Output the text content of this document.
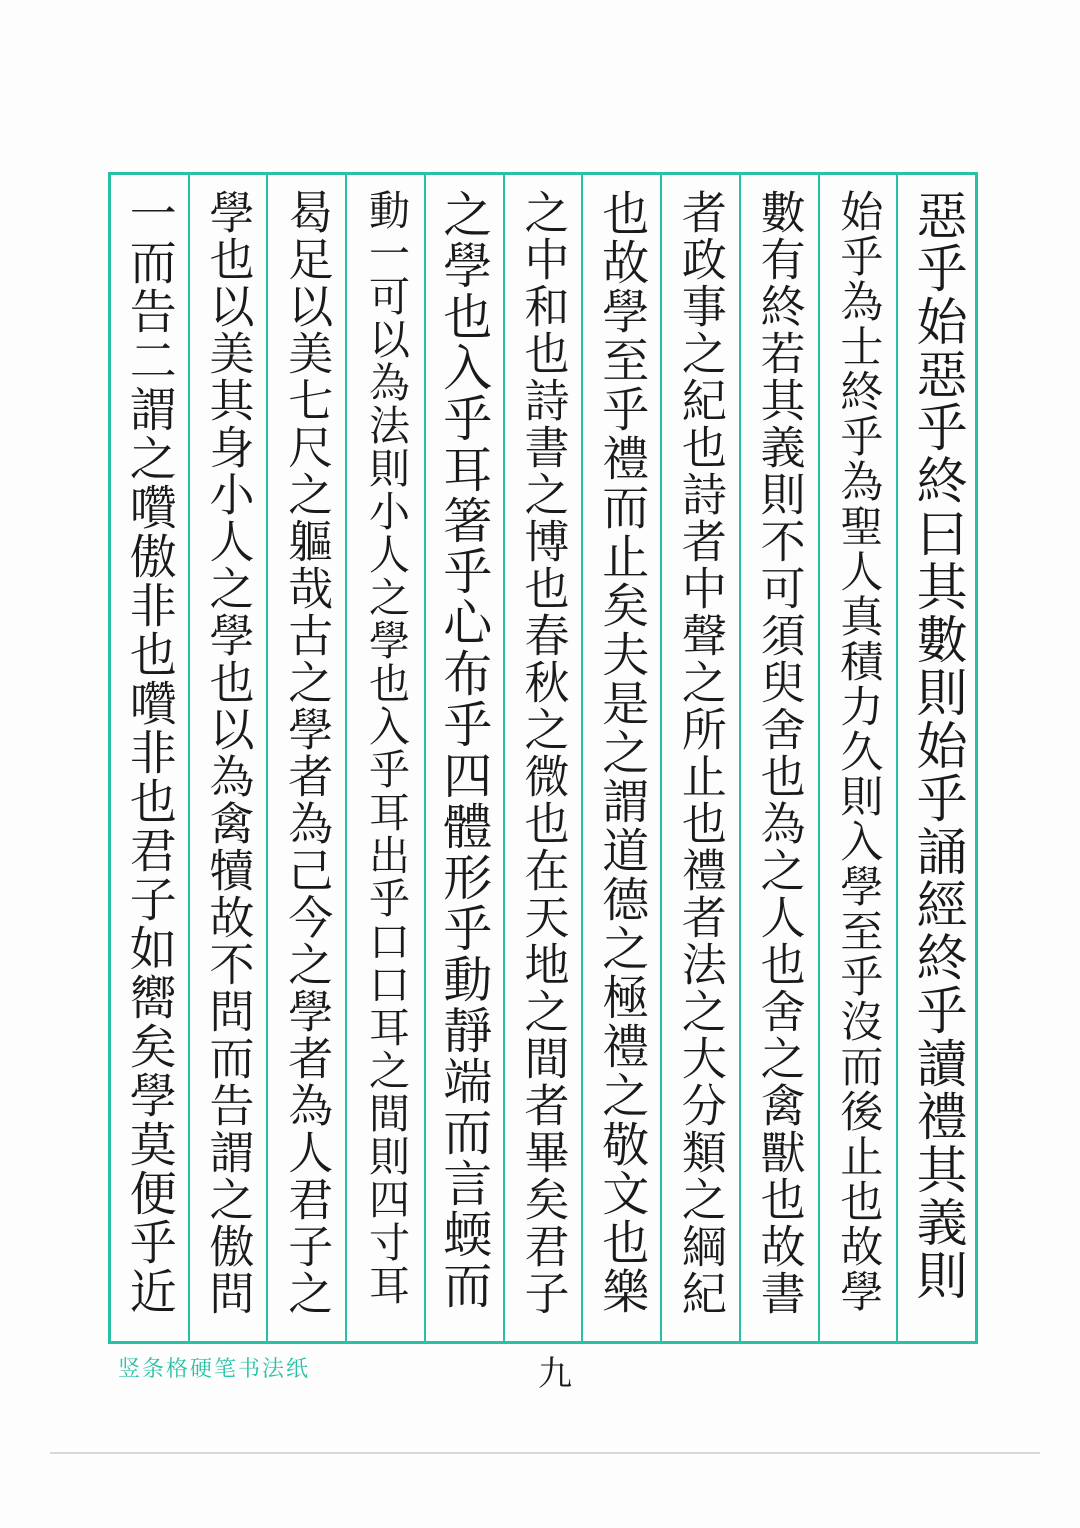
惡乎始惡乎終曰其數則始乎誦經終乎讀禮其義則
始乎為士終乎為聖人真積力久則入學至乎沒而後止也故學
數有終若其義則不可須臾舍也為之人也舍之禽獸也故書
者政事之紀也詩者中聲之所止也禮者法之大分類之綱紀
也故學至乎禮而止矣夫是之謂道德之極禮之敬文也樂
之中和也詩書之博也春秋之微也在天地之間者畢矣君子
之學也入乎耳箸乎心布乎四體形乎動靜端而言蝡而
動一可以為法則小人之學也入乎耳出乎口口耳之間則四寸耳
曷足以美七尺之軀哉古之學者為己今之學者為人君子之
學也以美其身小人之學也以為禽犢故不問而告謂之傲問
一而告二謂之囋傲非也囋非也君子如嚮矣學莫便乎近
竖条格硬笔书法纸	九
